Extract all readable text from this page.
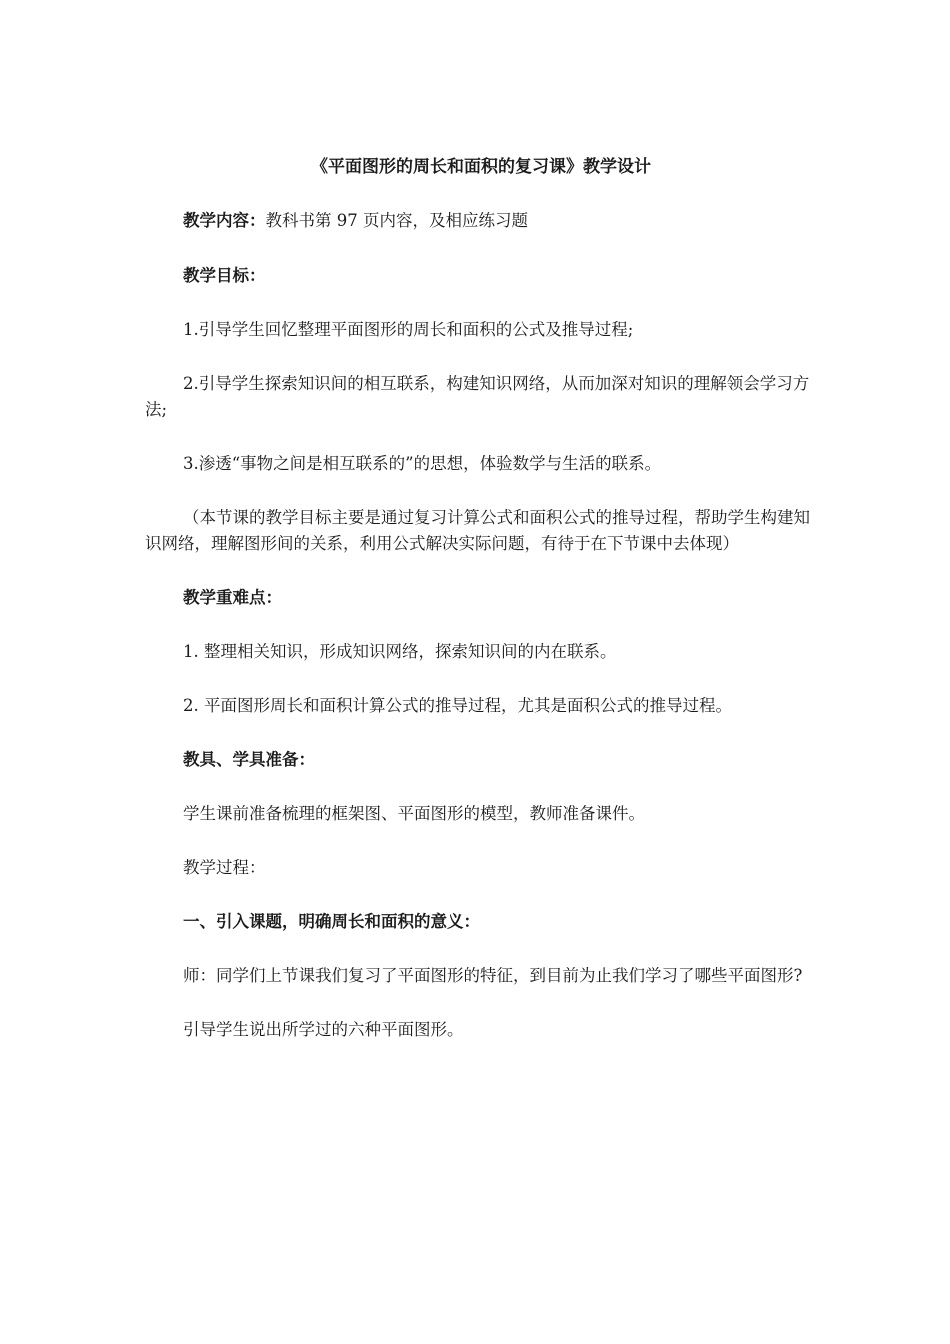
《平面图形的周长和面积的复习课》教学设计

教学内容：教科书第 97 页内容，及相应练习题

教学目标：

1.引导学生回忆整理平面图形的周长和面积的公式及推导过程;

2.引导学生探索知识间的相互联系，构建知识网络，从而加深对知识的理解领会学习方法;

3.渗透“事物之间是相互联系的”的思想，体验数学与生活的联系。

（本节课的教学目标主要是通过复习计算公式和面积公式的推导过程，帮助学生构建知识网络，理解图形间的关系，利用公式解决实际问题，有待于在下节课中去体现）

教学重难点：

1. 整理相关知识，形成知识网络，探索知识间的内在联系。

2. 平面图形周长和面积计算公式的推导过程，尤其是面积公式的推导过程。

教具、学具准备：

学生课前准备梳理的框架图、平面图形的模型，教师准备课件。

教学过程：

一、引入课题，明确周长和面积的意义：

师：同学们上节课我们复习了平面图形的特征，到目前为止我们学习了哪些平面图形?

引导学生说出所学过的六种平面图形。
